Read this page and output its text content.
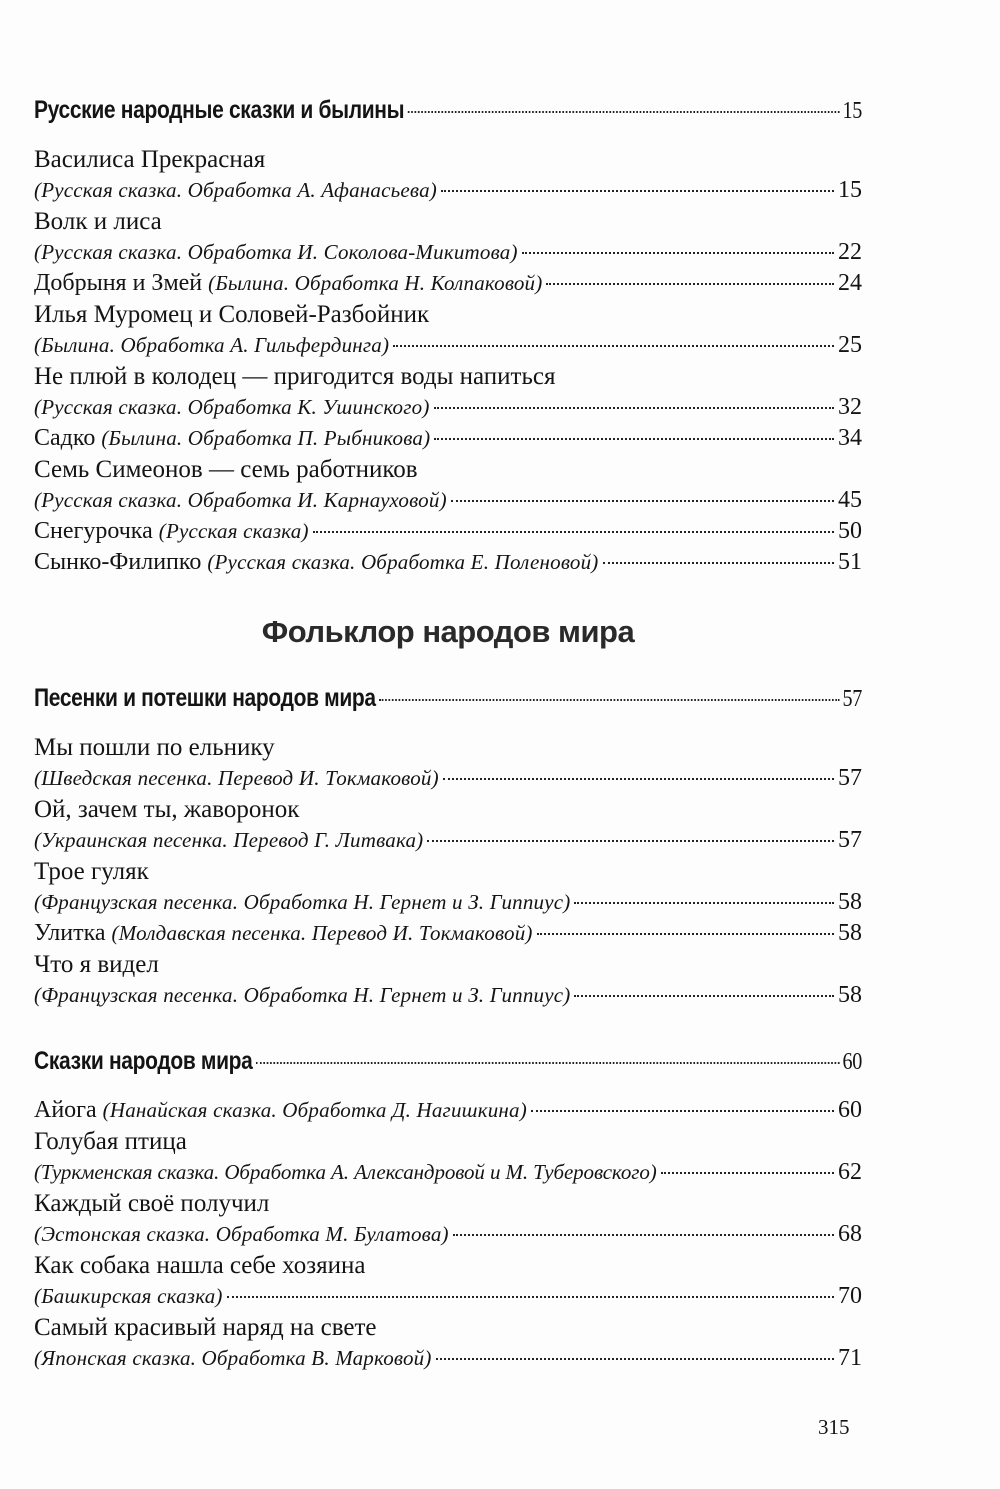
Русские народные сказки и былины	15
Василиса Прекрасная
(Русская сказка. Обработка А. Афанасьева)	15
Волк и лиса
(Русская сказка. Обработка И. Соколова-Микитова)	22
Добрыня и Змей (Былина. Обработка Н. Колпаковой)	24
Илья Муромец и Соловей-Разбойник
(Былина. Обработка А. Гильфердинга)	25
Не плюй в колодец — пригодится воды напиться
(Русская сказка. Обработка К. Ушинского)	32
Садко (Былина. Обработка П. Рыбникова)	34
Семь Симеонов — семь работников
(Русская сказка. Обработка И. Карнауховой)	45
Снегурочка (Русская сказка)	50
Сынко-Филипко (Русская сказка. Обработка Е. Поленовой)	51
Фольклор народов мира
Песенки и потешки народов мира	57
Мы пошли по ельнику
(Шведская песенка. Перевод И. Токмаковой)	57
Ой, зачем ты, жаворонок
(Украинская песенка. Перевод Г. Литвака)	57
Трое гуляк
(Французская песенка. Обработка Н. Гернет и З. Гиппиус)	58
Улитка (Молдавская песенка. Перевод И. Токмаковой)	58
Что я видел
(Французская песенка. Обработка Н. Гернет и З. Гиппиус)	58
Сказки народов мира	60
Айога (Нанайская сказка. Обработка Д. Нагишкина)	60
Голубая птица
(Туркменская сказка. Обработка А. Александровой и М. Туберовского)	62
Каждый своё получил
(Эстонская сказка. Обработка М. Булатова)	68
Как собака нашла себе хозяина
(Башкирская сказка)	70
Самый красивый наряд на свете
(Японская сказка. Обработка В. Марковой)	71
315
